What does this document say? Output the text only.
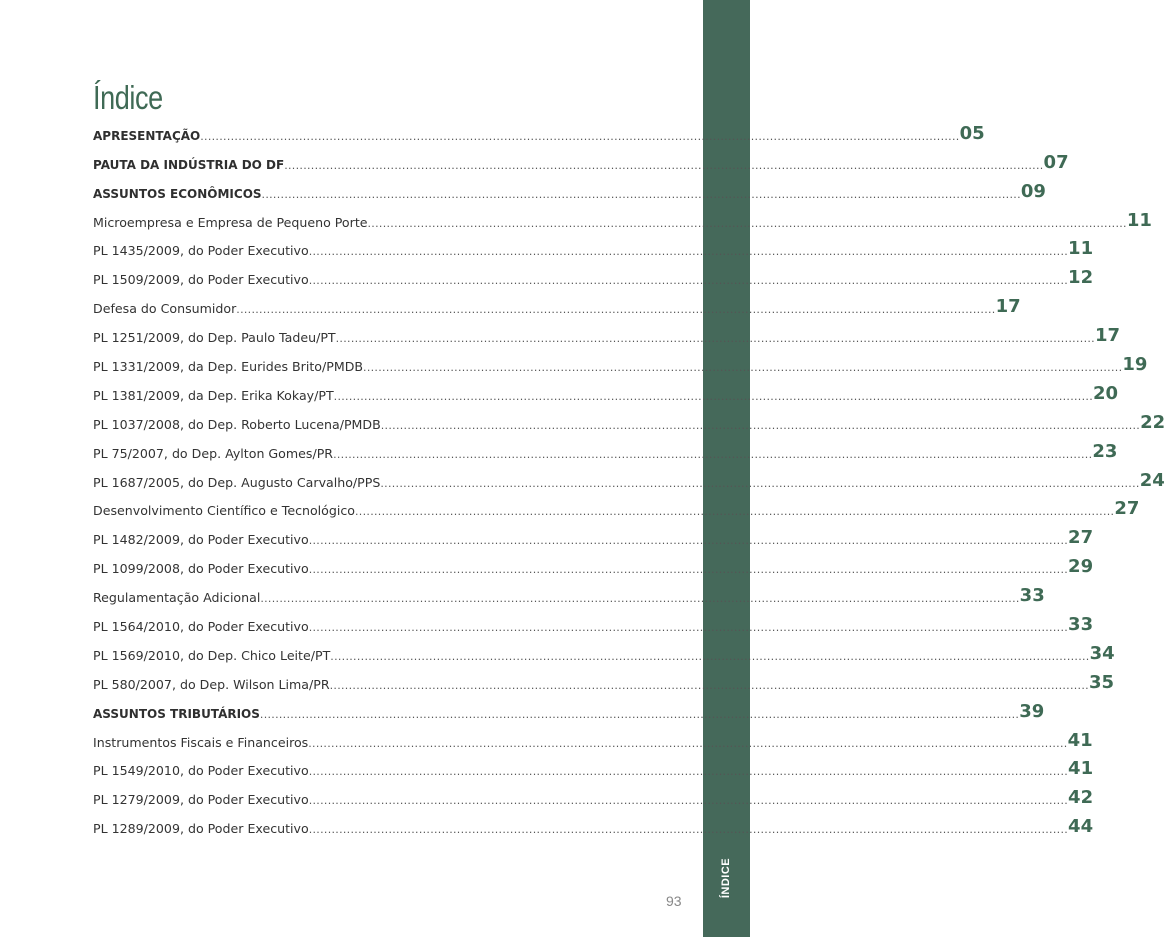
ÍNDICE
Índice
APRESENTAÇÃO ........................................................................................................................................................................................................ 05
PAUTA DA INDÚSTRIA DO DF ........................................................................................................................................................................................................ 07
ASSUNTOS ECONÔMICOS ........................................................................................................................................................................................................ 09
Microempresa e Empresa de Pequeno Porte ........................................................................................................................................................................................................ 11
PL 1435/2009, do Poder Executivo ........................................................................................................................................................................................................ 11
PL 1509/2009, do Poder Executivo ........................................................................................................................................................................................................ 12
Defesa do Consumidor ........................................................................................................................................................................................................ 17
PL 1251/2009, do Dep. Paulo Tadeu/PT ........................................................................................................................................................................................................ 17
PL 1331/2009, da Dep. Eurides Brito/PMDB ........................................................................................................................................................................................................ 19
PL 1381/2009, da Dep. Erika Kokay/PT ........................................................................................................................................................................................................ 20
PL 1037/2008, do Dep. Roberto Lucena/PMDB ........................................................................................................................................................................................................ 22
PL 75/2007, do Dep. Aylton Gomes/PR ........................................................................................................................................................................................................ 23
PL 1687/2005, do Dep. Augusto Carvalho/PPS ........................................................................................................................................................................................................ 24
Desenvolvimento Científico e Tecnológico ........................................................................................................................................................................................................ 27
PL 1482/2009, do Poder Executivo ........................................................................................................................................................................................................ 27
PL 1099/2008, do Poder Executivo ........................................................................................................................................................................................................ 29
Regulamentação Adicional ........................................................................................................................................................................................................ 33
PL 1564/2010, do Poder Executivo ........................................................................................................................................................................................................ 33
PL 1569/2010, do Dep. Chico Leite/PT ........................................................................................................................................................................................................ 34
PL 580/2007, do Dep. Wilson Lima/PR ........................................................................................................................................................................................................ 35
ASSUNTOS TRIBUTÁRIOS ........................................................................................................................................................................................................ 39
Instrumentos Fiscais e Financeiros ........................................................................................................................................................................................................ 41
PL 1549/2010, do Poder Executivo ........................................................................................................................................................................................................ 41
PL 1279/2009, do Poder Executivo ........................................................................................................................................................................................................ 42
PL 1289/2009, do Poder Executivo ........................................................................................................................................................................................................ 44
93
